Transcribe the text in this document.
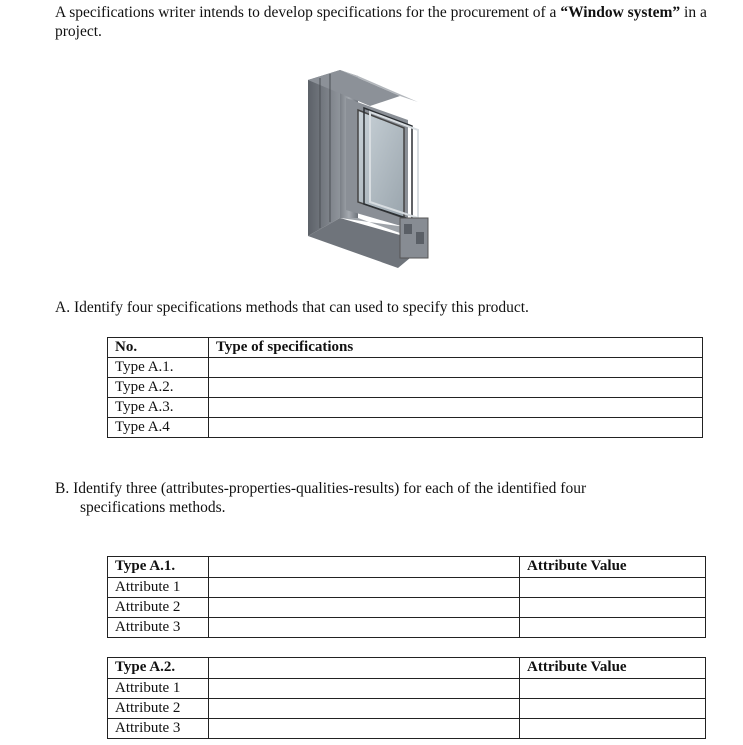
A specifications writer intends to develop specifications for the procurement of a “Window system” in a project.

A. Identify four specifications methods that can used to specify this product.

No.	Type of specifications
Type A.1.	
Type A.2.	
Type A.3.	
Type A.4	

B. Identify three (attributes-properties-qualities-results) for each of the identified four
specifications methods.

Type A.1.		Attribute Value
Attribute 1		
Attribute 2		
Attribute 3		
Type A.2.		Attribute Value
Attribute 1		
Attribute 2		
Attribute 3		
